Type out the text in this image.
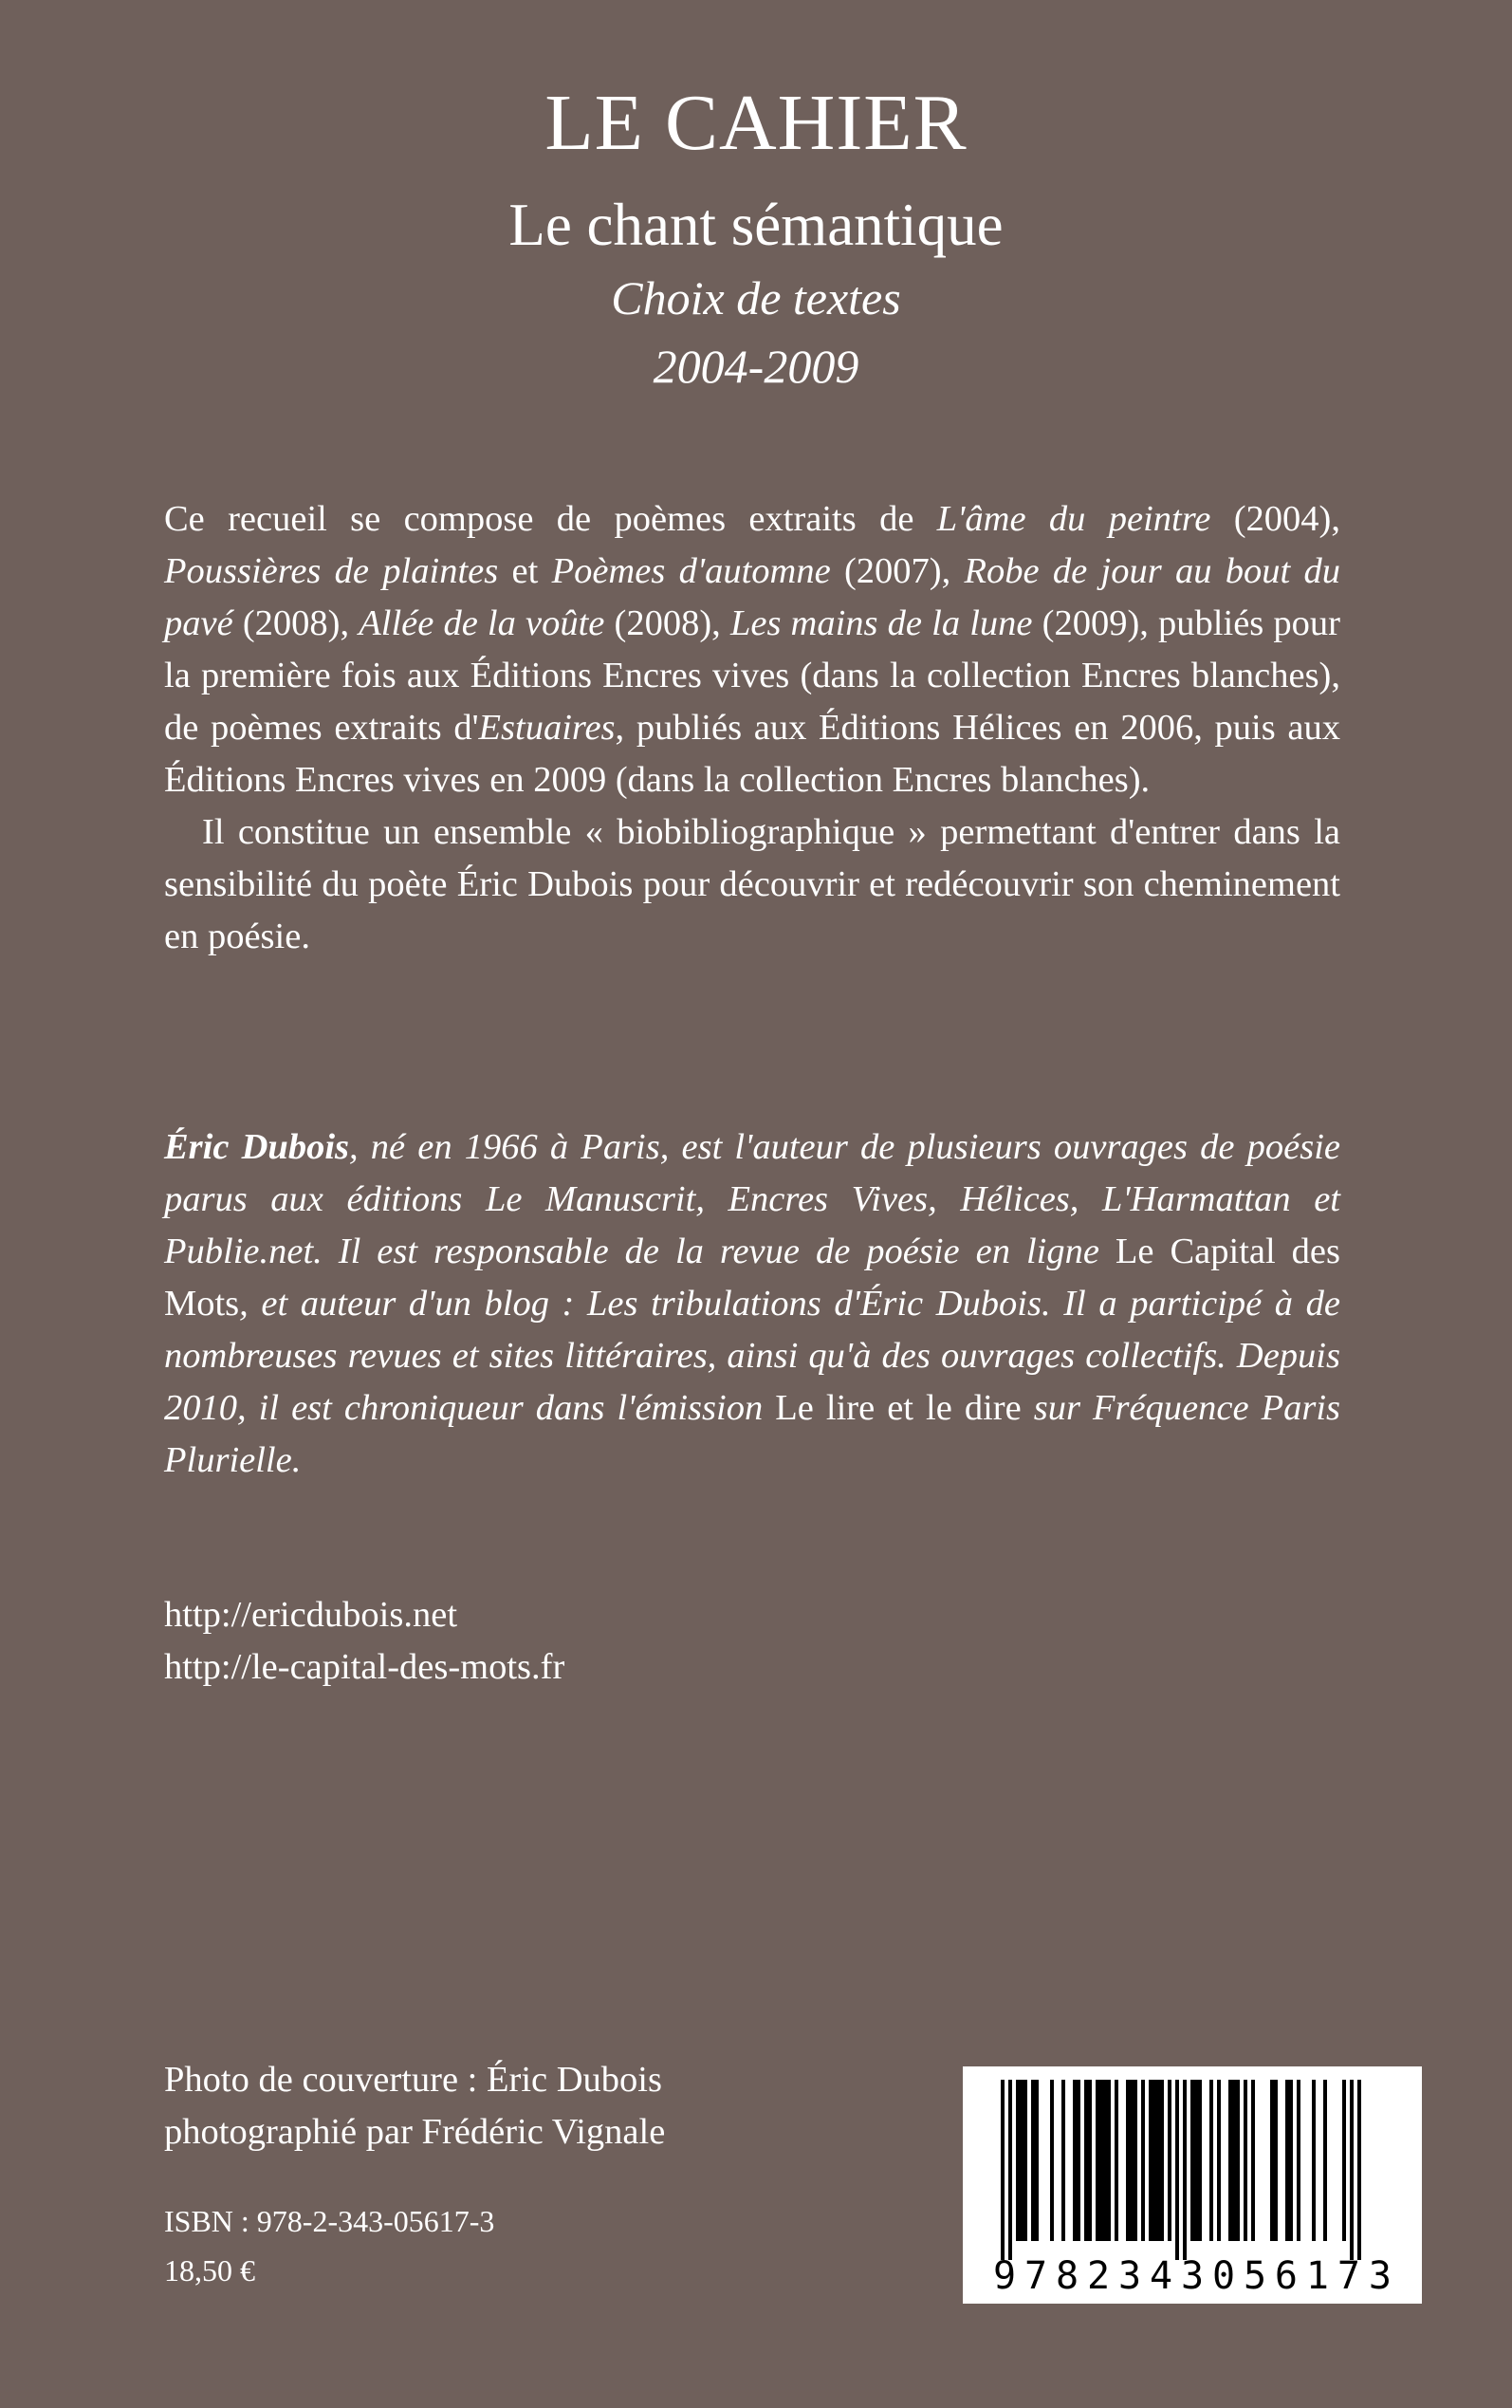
LE CAHIER
Le chant sémantique
Choix de textes
2004-2009

Ce recueil se compose de poèmes extraits de L'âme du peintre (2004), Poussières de plaintes et Poèmes d'automne (2007), Robe de jour au bout du pavé (2008), Allée de la voûte (2008), Les mains de la lune (2009), publiés pour la première fois aux Éditions Encres vives (dans la collection Encres blanches), de poèmes extraits d'Estuaires, publiés aux Éditions Hélices en 2006, puis aux Éditions Encres vives en 2009 (dans la collection Encres blanches).

Il constitue un ensemble « biobibliographique » permettant d'entrer dans la sensibilité du poète Éric Dubois pour découvrir et redécouvrir son cheminement en poésie.

Éric Dubois, né en 1966 à Paris, est l'auteur de plusieurs ouvrages de poésie parus aux éditions Le Manuscrit, Encres Vives, Hélices, L'Harmattan et Publie.net. Il est responsable de la revue de poésie en ligne Le Capital des Mots, et auteur d'un blog : Les tribulations d'Éric Dubois. Il a participé à de nombreuses revues et sites littéraires, ainsi qu'à des ouvrages collectifs. Depuis 2010, il est chroniqueur dans l'émission Le lire et le dire sur Fréquence Paris Plurielle.

http://ericdubois.net
http://le-capital-des-mots.fr
Photo de couverture : Éric Dubois
photographié par Frédéric Vignale
ISBN : 978-2-343-05617-3
18,50 €	9782343056173
